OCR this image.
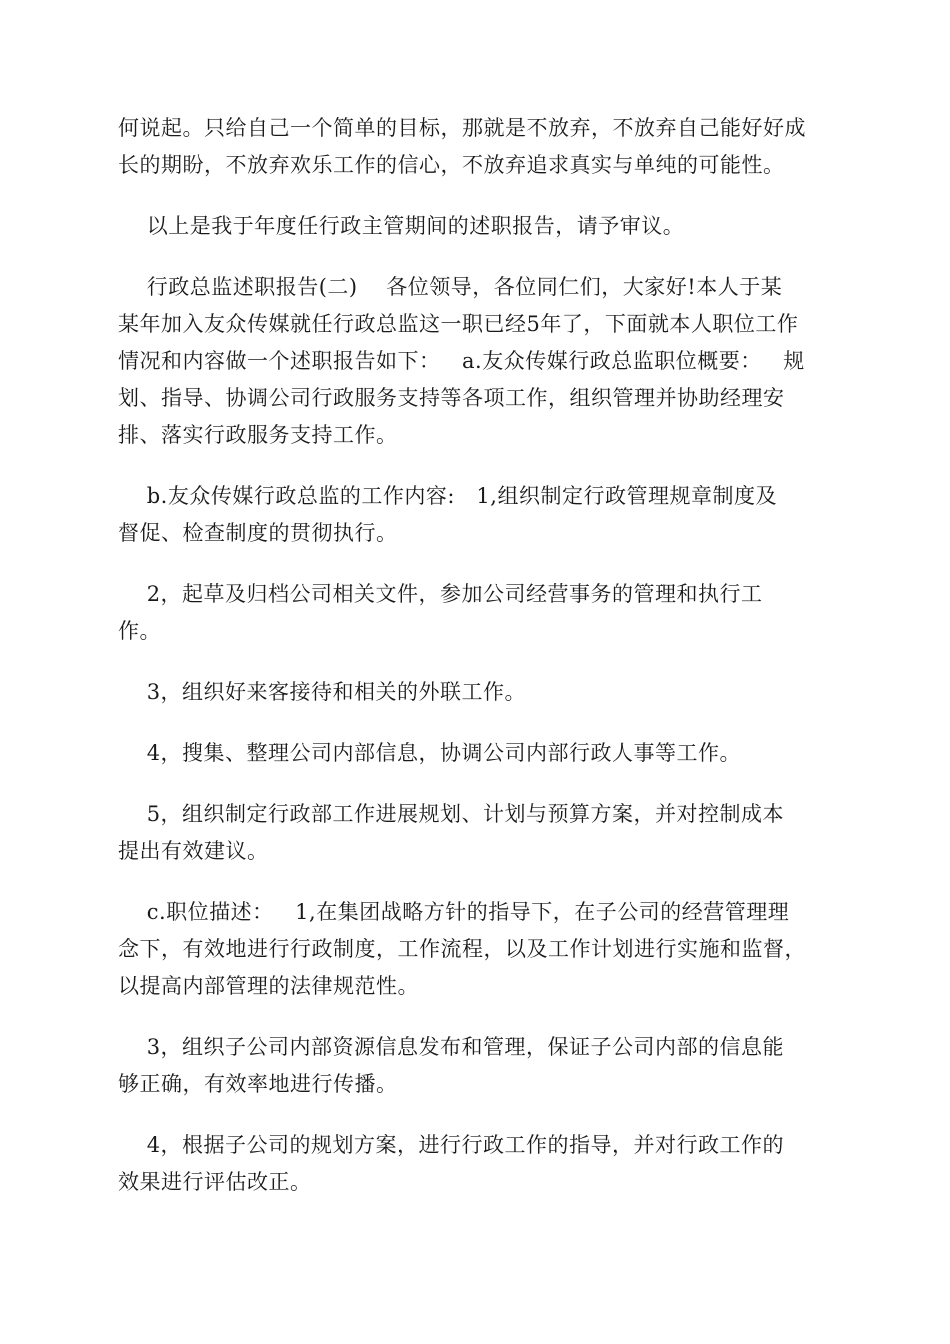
何说起。只给自己一个简单的目标，那就是不放弃，不放弃自己能好好成
长的期盼，不放弃欢乐工作的信心，不放弃追求真实与单纯的可能性。

以上是我于年度任行政主管期间的述职报告，请予审议。

行政总监述职报告(二)    各位领导，各位同仁们，大家好!本人于某
某年加入友众传媒就任行政总监这一职已经5年了，下面就本人职位工作
情况和内容做一个述职报告如下：   a.友众传媒行政总监职位概要：   规
划、指导、协调公司行政服务支持等各项工作，组织管理并协助经理安
排、落实行政服务支持工作。

b.友众传媒行政总监的工作内容:   1,组织制定行政管理规章制度及
督促、检查制度的贯彻执行。

2，起草及归档公司相关文件，参加公司经营事务的管理和执行工
作。

3，组织好来客接待和相关的外联工作。

4，搜集、整理公司内部信息，协调公司内部行政人事等工作。

5，组织制定行政部工作进展规划、计划与预算方案，并对控制成本
提出有效建议。

c.职位描述：   1,在集团战略方针的指导下，在子公司的经营管理理
念下，有效地进行行政制度，工作流程，以及工作计划进行实施和监督，
以提高内部管理的法律规范性。

3，组织子公司内部资源信息发布和管理，保证子公司内部的信息能
够正确，有效率地进行传播。

4，根据子公司的规划方案，进行行政工作的指导，并对行政工作的
效果进行评估改正。
